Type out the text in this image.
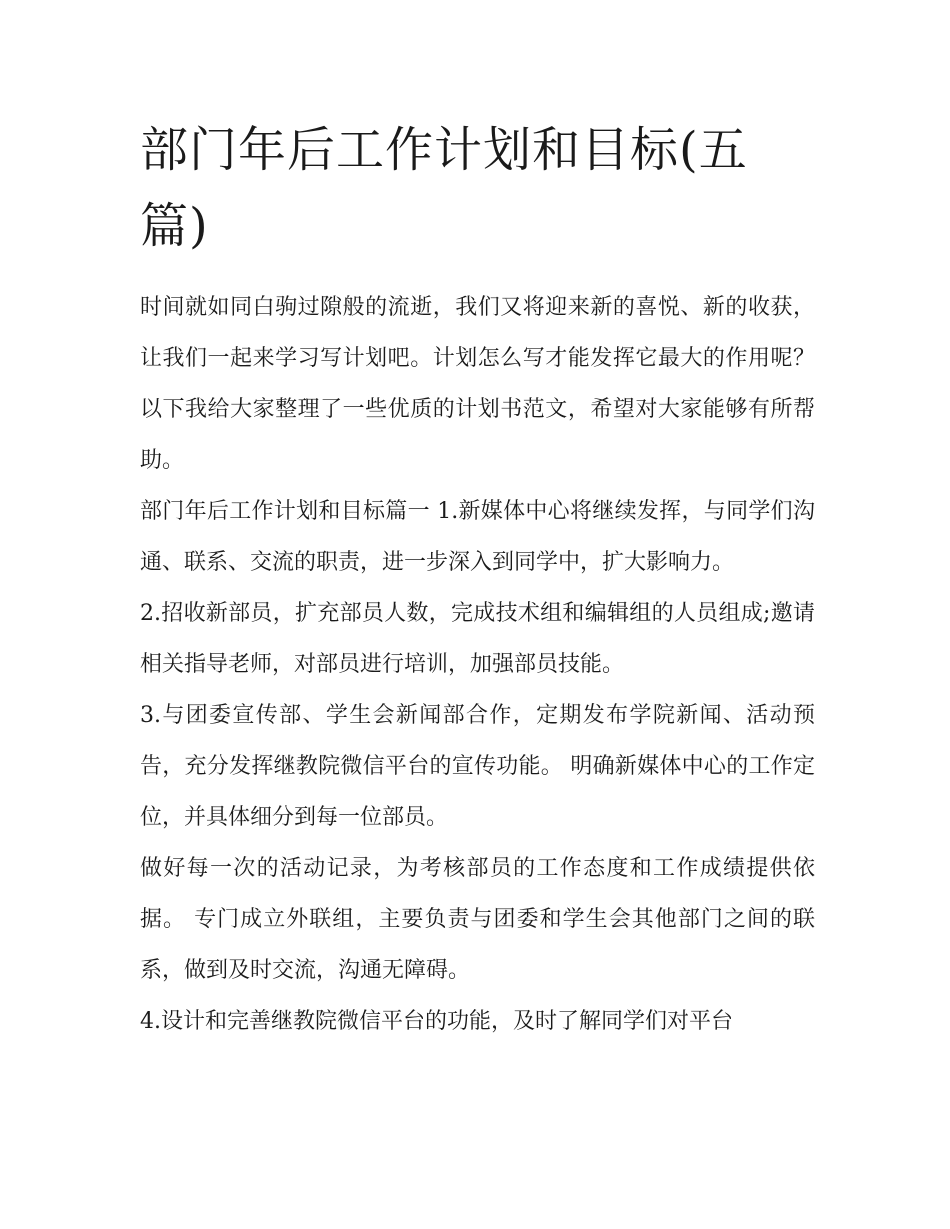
部门年后工作计划和目标(五篇)

时间就如同白驹过隙般的流逝，我们又将迎来新的喜悦、新的收获，让我们一起来学习写计划吧。计划怎么写才能发挥它最大的作用呢？以下我给大家整理了一些优质的计划书范文，希望对大家能够有所帮助。

部门年后工作计划和目标篇一 1.新媒体中心将继续发挥，与同学们沟通、联系、交流的职责，进一步深入到同学中，扩大影响力。

2.招收新部员，扩充部员人数，完成技术组和编辑组的人员组成;邀请相关指导老师，对部员进行培训，加强部员技能。

3.与团委宣传部、学生会新闻部合作，定期发布学院新闻、活动预告，充分发挥继教院微信平台的宣传功能。 明确新媒体中心的工作定位，并具体细分到每一位部员。

做好每一次的活动记录，为考核部员的工作态度和工作成绩提供依据。 专门成立外联组，主要负责与团委和学生会其他部门之间的联系，做到及时交流，沟通无障碍。

4.设计和完善继教院微信平台的功能，及时了解同学们对平台
